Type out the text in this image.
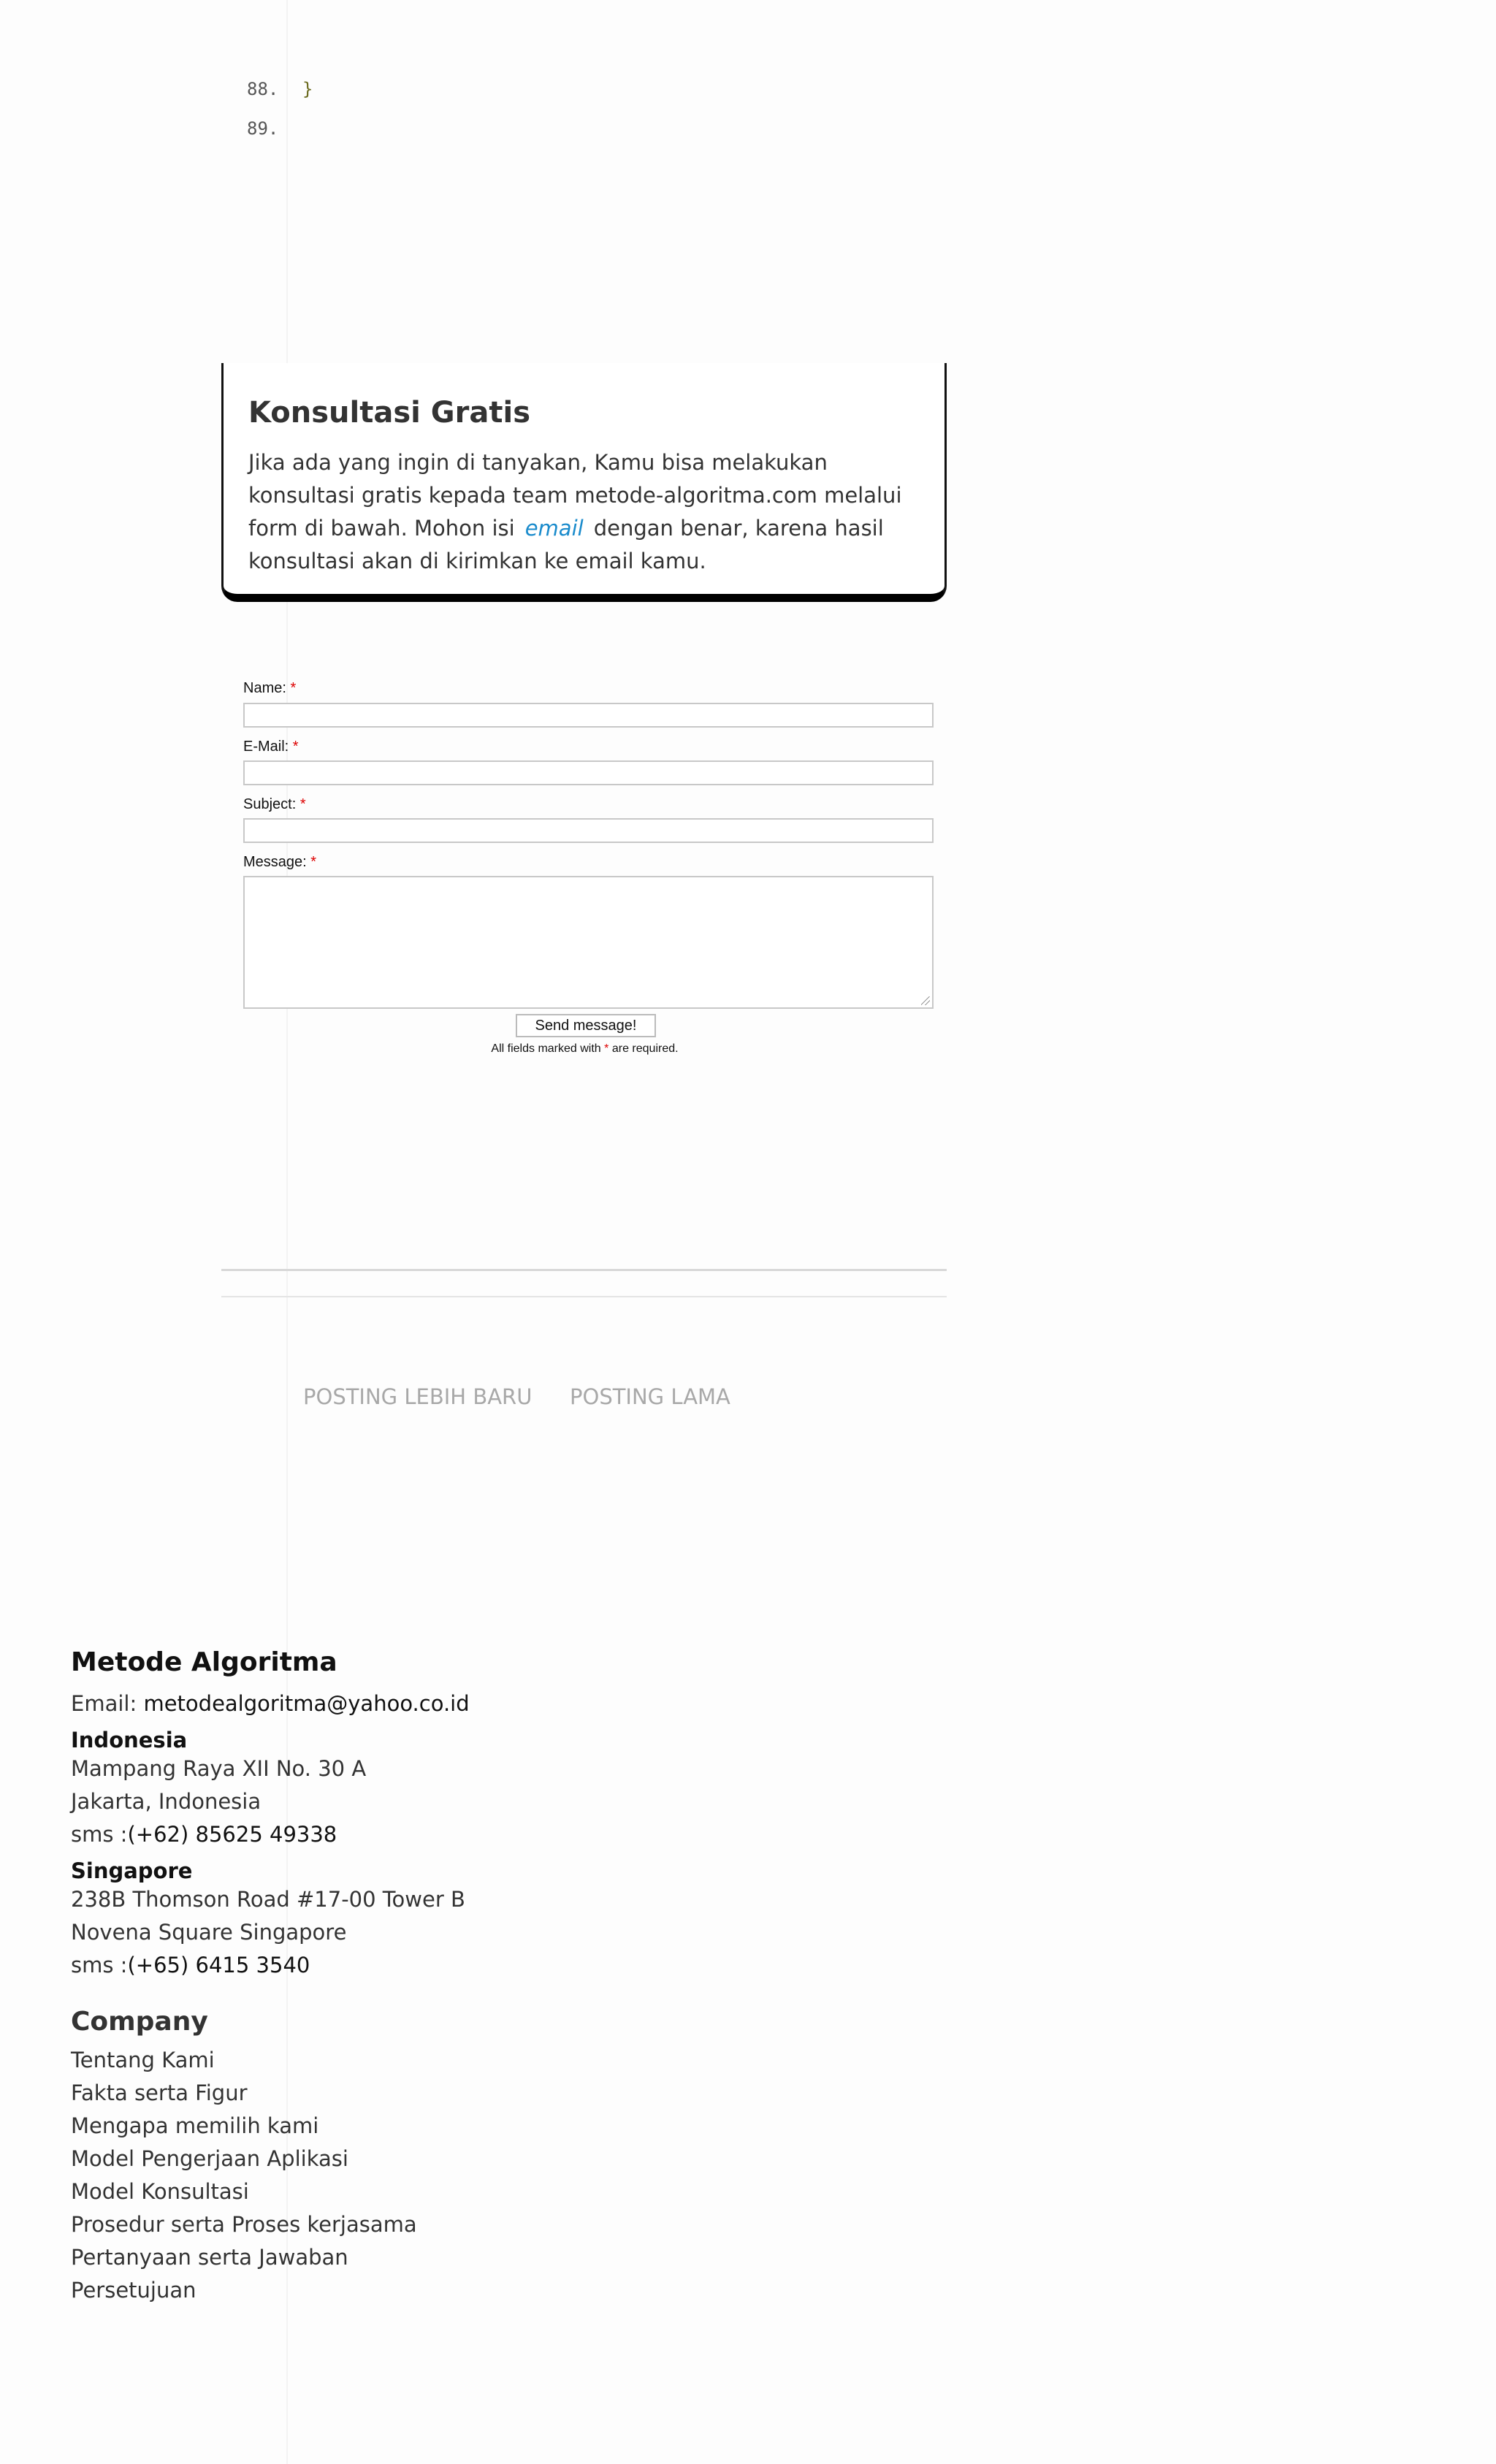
88. }
89.
Konsultasi Gratis

Jika ada yang ingin di tanyakan, Kamu bisa melakukan konsultasi gratis kepada team metode-algoritma.com melalui form di bawah. Mohon isi email dengan benar, karena hasil konsultasi akan di kirimkan ke email kamu.

Name: *
E-Mail: *
Subject: *
Message: *
Send message!
All fields marked with * are required.
POSTING LEBIH BARU POSTING LAMA
Metode Algoritma
Email: metodealgoritma@yahoo.co.id
Indonesia
Mampang Raya XII No. 30 A
Jakarta, Indonesia
sms :(+62) 85625 49338
Singapore
238B Thomson Road #17-00 Tower B
Novena Square Singapore
sms :(+65) 6415 3540
Company
Tentang Kami
Fakta serta Figur
Mengapa memilih kami
Model Pengerjaan Aplikasi
Model Konsultasi
Prosedur serta Proses kerjasama
Pertanyaan serta Jawaban
Persetujuan
